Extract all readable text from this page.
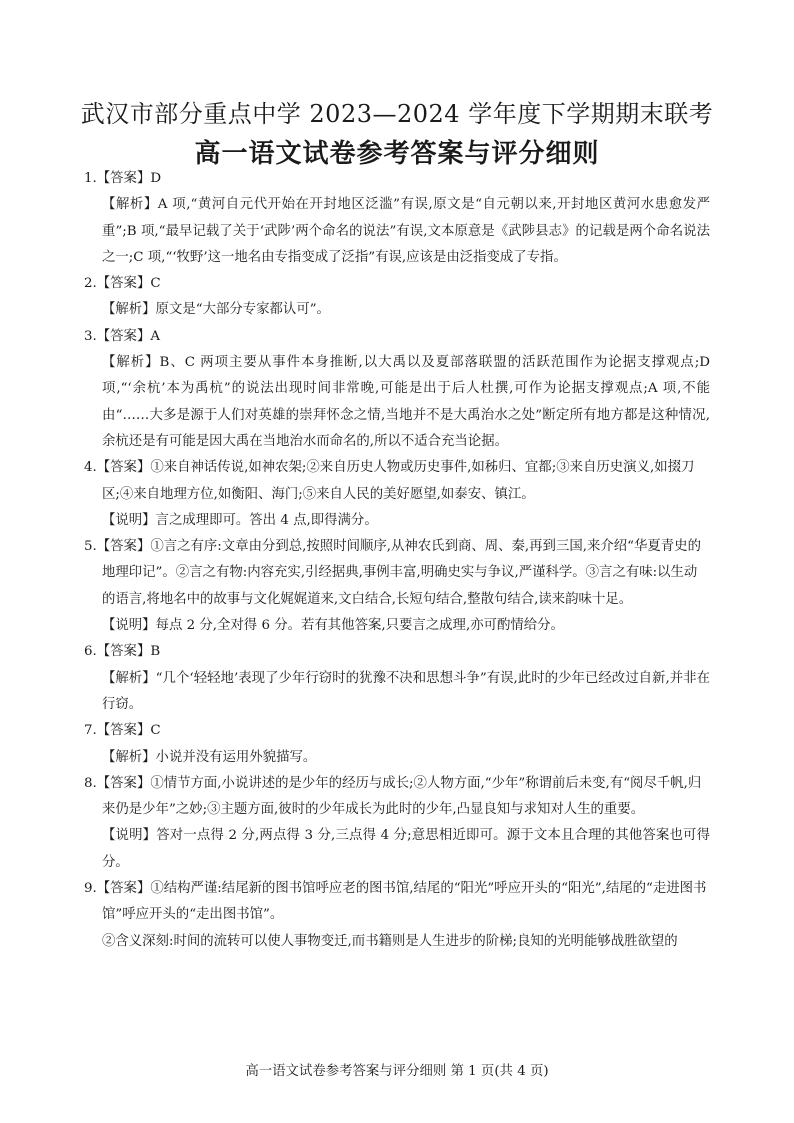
武汉市部分重点中学 2023—2024 学年度下学期期末联考
高一语文试卷参考答案与评分细则

1.【答案】D

【解析】A 项,“黄河自元代开始在开封地区泛滥”有误,原文是“自元朝以来,开封地区黄河水患愈发严重”;B 项,“最早记载了关于‘武陟’两个命名的说法”有误,文本原意是《武陟县志》的记载是两个命名说法之一;C 项,“‘牧野’这一地名由专指变成了泛指”有误,应该是由泛指变成了专指。

2.【答案】C

【解析】原文是“大部分专家都认可”。

3.【答案】A

【解析】B、C 两项主要从事件本身推断,以大禹以及夏部落联盟的活跃范围作为论据支撑观点;D 项,“‘余杭’本为禹杭”的说法出现时间非常晚,可能是出于后人杜撰,可作为论据支撑观点;A 项,不能由“……大多是源于人们对英雄的崇拜怀念之情,当地并不是大禹治水之处”断定所有地方都是这种情况,余杭还是有可能是因大禹在当地治水而命名的,所以不适合充当论据。

4.【答案】①来自神话传说,如神农架;②来自历史人物或历史事件,如秭归、宜都;③来自历史演义,如掇刀区;④来自地理方位,如衡阳、海门;⑤来自人民的美好愿望,如泰安、镇江。

【说明】言之成理即可。答出 4 点,即得满分。

5.【答案】①言之有序:文章由分到总,按照时间顺序,从神农氏到商、周、秦,再到三国,来介绍“华夏青史的地理印记”。②言之有物:内容充实,引经据典,事例丰富,明确史实与争议,严谨科学。③言之有味:以生动的语言,将地名中的故事与文化娓娓道来,文白结合,长短句结合,整散句结合,读来韵味十足。

【说明】每点 2 分,全对得 6 分。若有其他答案,只要言之成理,亦可酌情给分。

6.【答案】B

【解析】“几个‘轻轻地’表现了少年行窃时的犹豫不决和思想斗争”有误,此时的少年已经改过自新,并非在行窃。

7.【答案】C

【解析】小说并没有运用外貌描写。

8.【答案】①情节方面,小说讲述的是少年的经历与成长;②人物方面,“少年”称谓前后未变,有“阅尽千帆,归来仍是少年”之妙;③主题方面,彼时的少年成长为此时的少年,凸显良知与求知对人生的重要。

【说明】答对一点得 2 分,两点得 3 分,三点得 4 分;意思相近即可。源于文本且合理的其他答案也可得分。

9.【答案】①结构严谨:结尾新的图书馆呼应老的图书馆,结尾的“阳光”呼应开头的“阳光”,结尾的“走进图书馆”呼应开头的“走出图书馆”。

②含义深刻:时间的流转可以使人事物变迁,而书籍则是人生进步的阶梯;良知的光明能够战胜欲望的

高一语文试卷参考答案与评分细则 第 1 页(共 4 页)
